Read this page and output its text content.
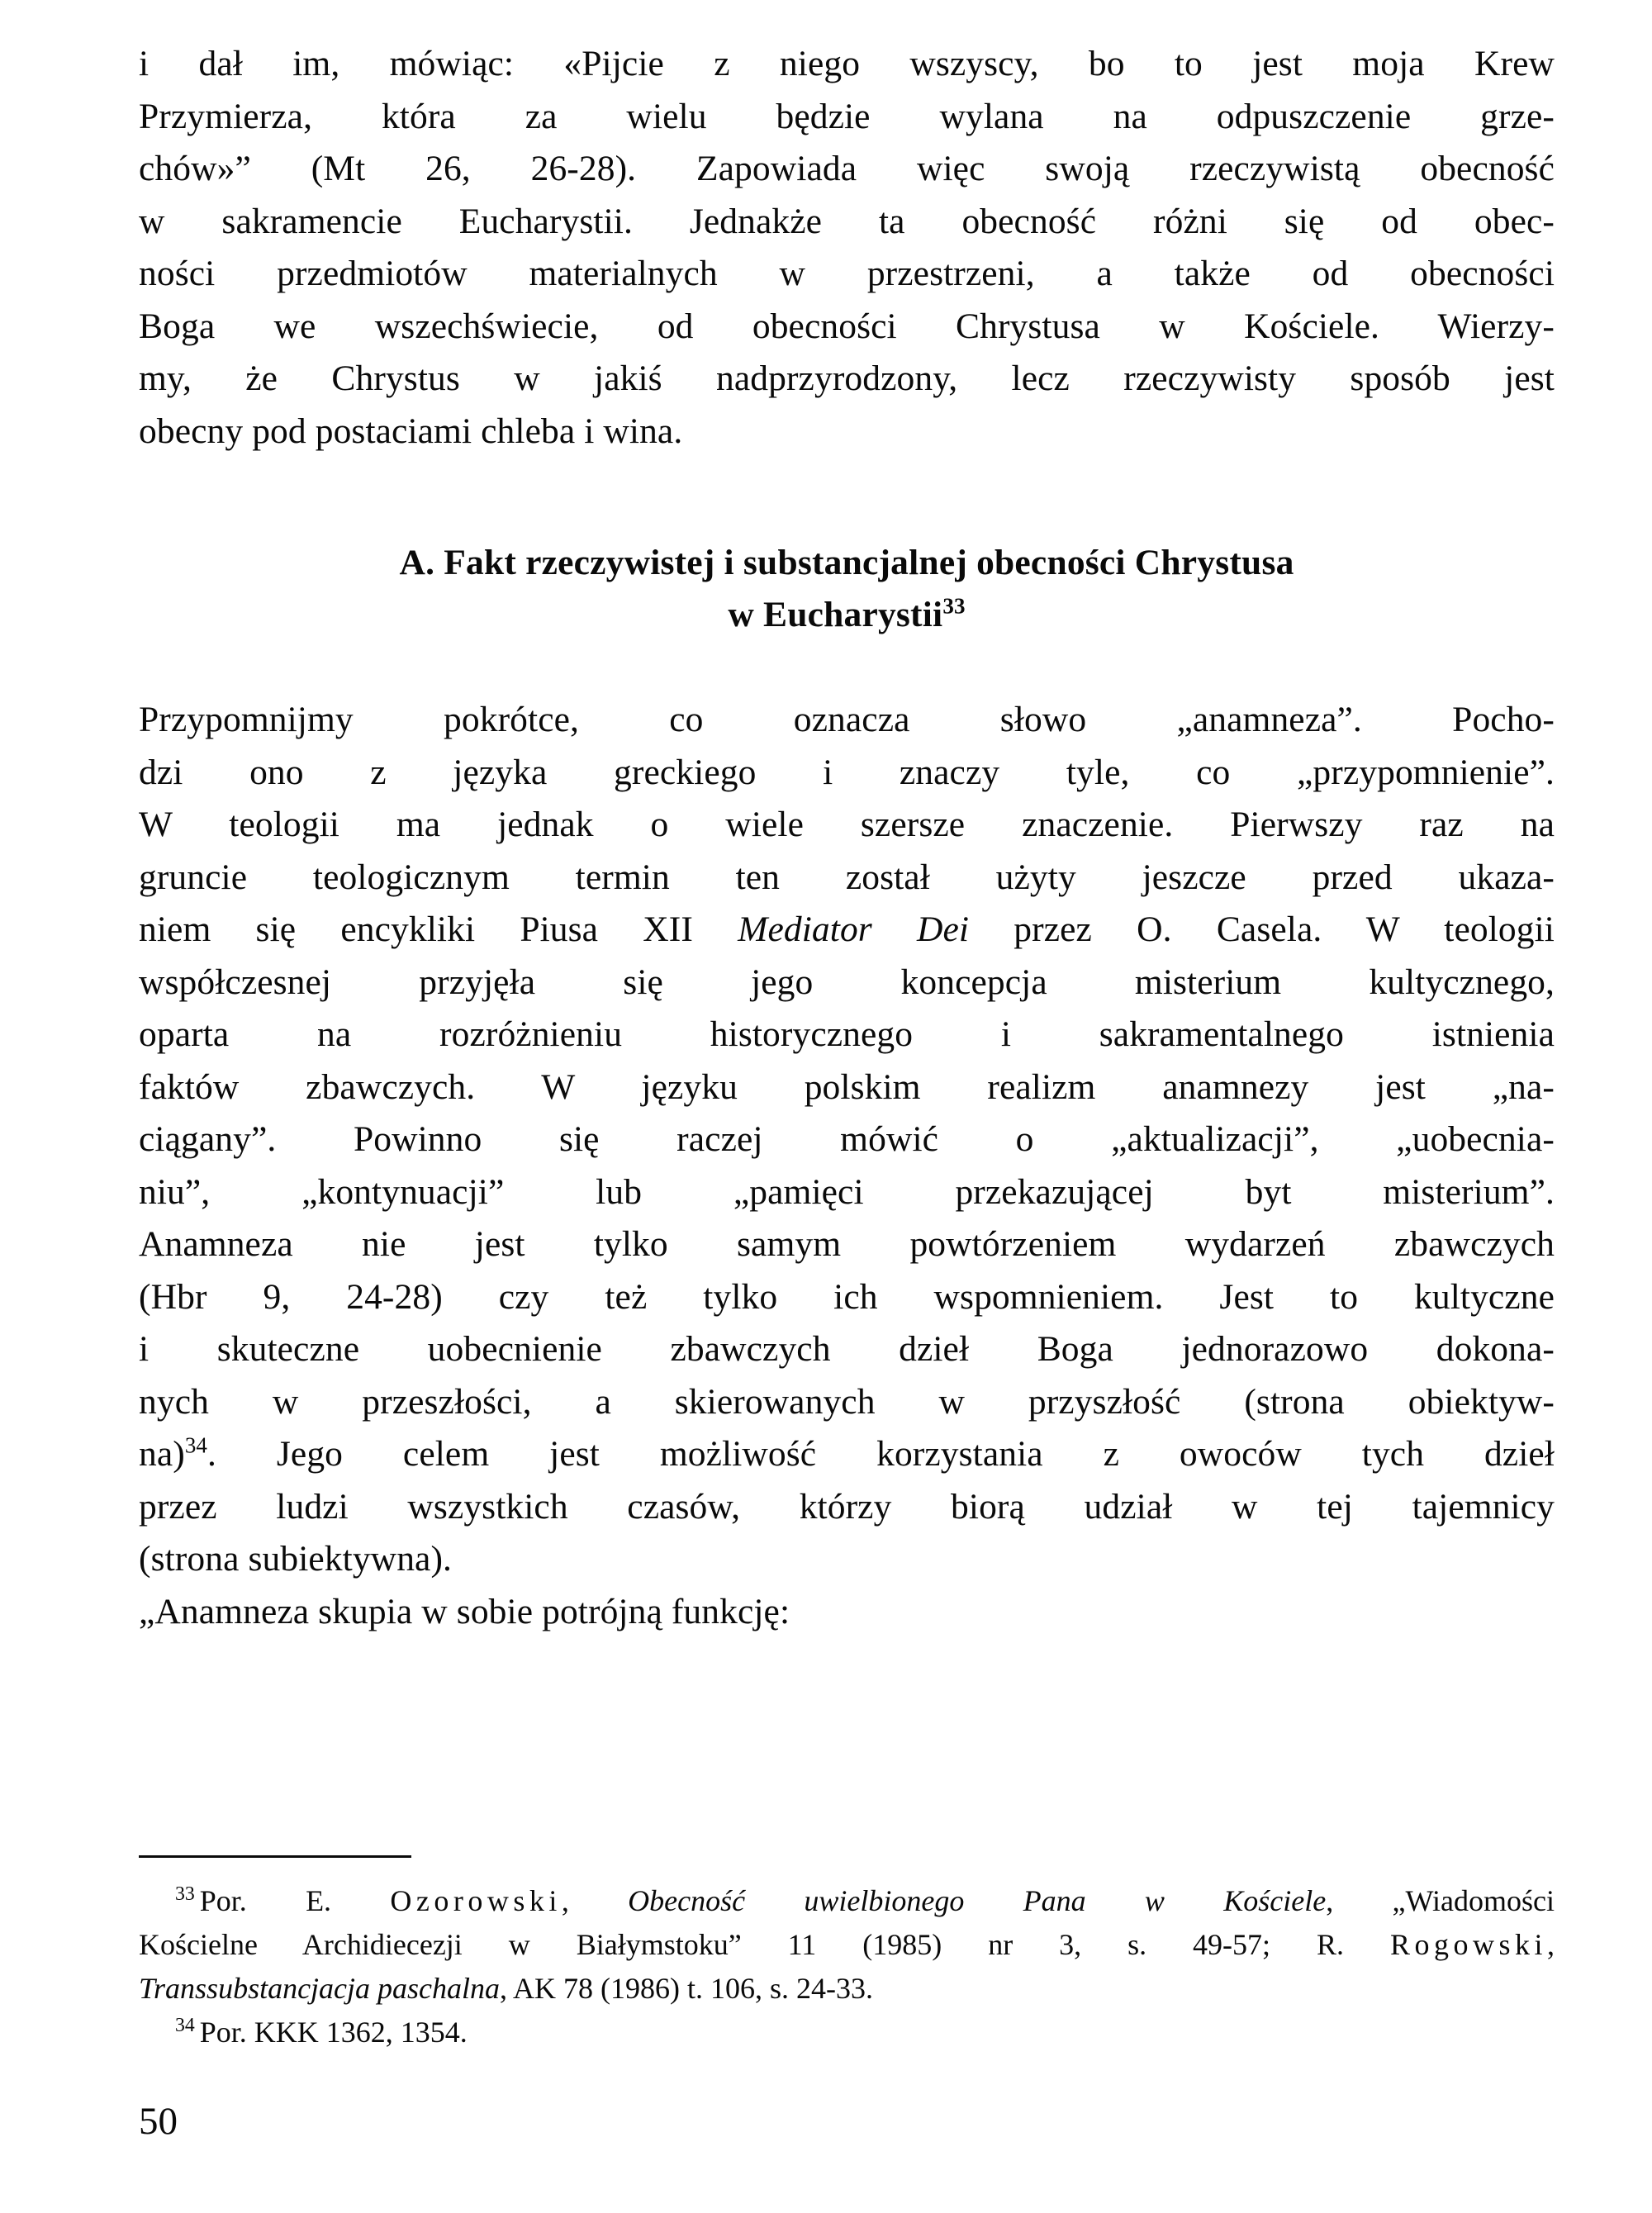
i dał im, mówiąc: «Pijcie z niego wszyscy, bo to jest moja Krew
Przymierza, która za wielu będzie wylana na odpuszczenie grze-
chów»” (Mt 26, 26-28). Zapowiada więc swoją rzeczywistą obecność
w sakramencie Eucharystii. Jednakże ta obecność różni się od obec-
ności przedmiotów materialnych w przestrzeni, a także od obecności
Boga we wszechświecie, od obecności Chrystusa w Kościele. Wierzy-
my, że Chrystus w jakiś nadprzyrodzony, lecz rzeczywisty sposób jest
obecny pod postaciami chleba i wina.

A. Fakt rzeczywistej i substancjalnej obecności Chrystusa
w Eucharystii$^{33}$

Przypomnijmy pokrótce, co oznacza słowo „anamneza”. Pocho-
dzi ono z języka greckiego i znaczy tyle, co „przypomnienie”.
W teologii ma jednak o wiele szersze znaczenie. Pierwszy raz na
gruncie teologicznym termin ten został użyty jeszcze przed ukaza-
niem się encykliki Piusa XII Mediator Dei przez O. Casela. W teologii
współczesnej przyjęła się jego koncepcja misterium kultycznego,
oparta na rozróżnieniu historycznego i sakramentalnego istnienia
faktów zbawczych. W języku polskim realizm anamnezy jest „na-
ciągany”. Powinno się raczej mówić o „aktualizacji”, „uobecnia-
niu”, „kontynuacji” lub „pamięci przekazującej byt misterium”.
Anamneza nie jest tylko samym powtórzeniem wydarzeń zbawczych
(Hbr 9, 24-28) czy też tylko ich wspomnieniem. Jest to kultyczne
i skuteczne uobecnienie zbawczych dzieł Boga jednorazowo dokona-
nych w przeszłości, a skierowanych w przyszłość (strona obiektyw-
na)$^{34}$. Jego celem jest możliwość korzystania z owoców tych dzieł
przez ludzi wszystkich czasów, którzy biorą udział w tej tajemnicy
(strona subiektywna).

„Anamneza skupia w sobie potrójną funkcję:

$^{33}$ Por. E. Ozorowski, Obecność uwielbionego Pana w Kościele, „Wiadomości
Kościelne Archidiecezji w Białymstoku” 11 (1985) nr 3, s. 49-57; R. Rogowski,
Transsubstancjacja paschalna, AK 78 (1986) t. 106, s. 24-33.
$^{34}$ Por. KKK 1362, 1354.
50
